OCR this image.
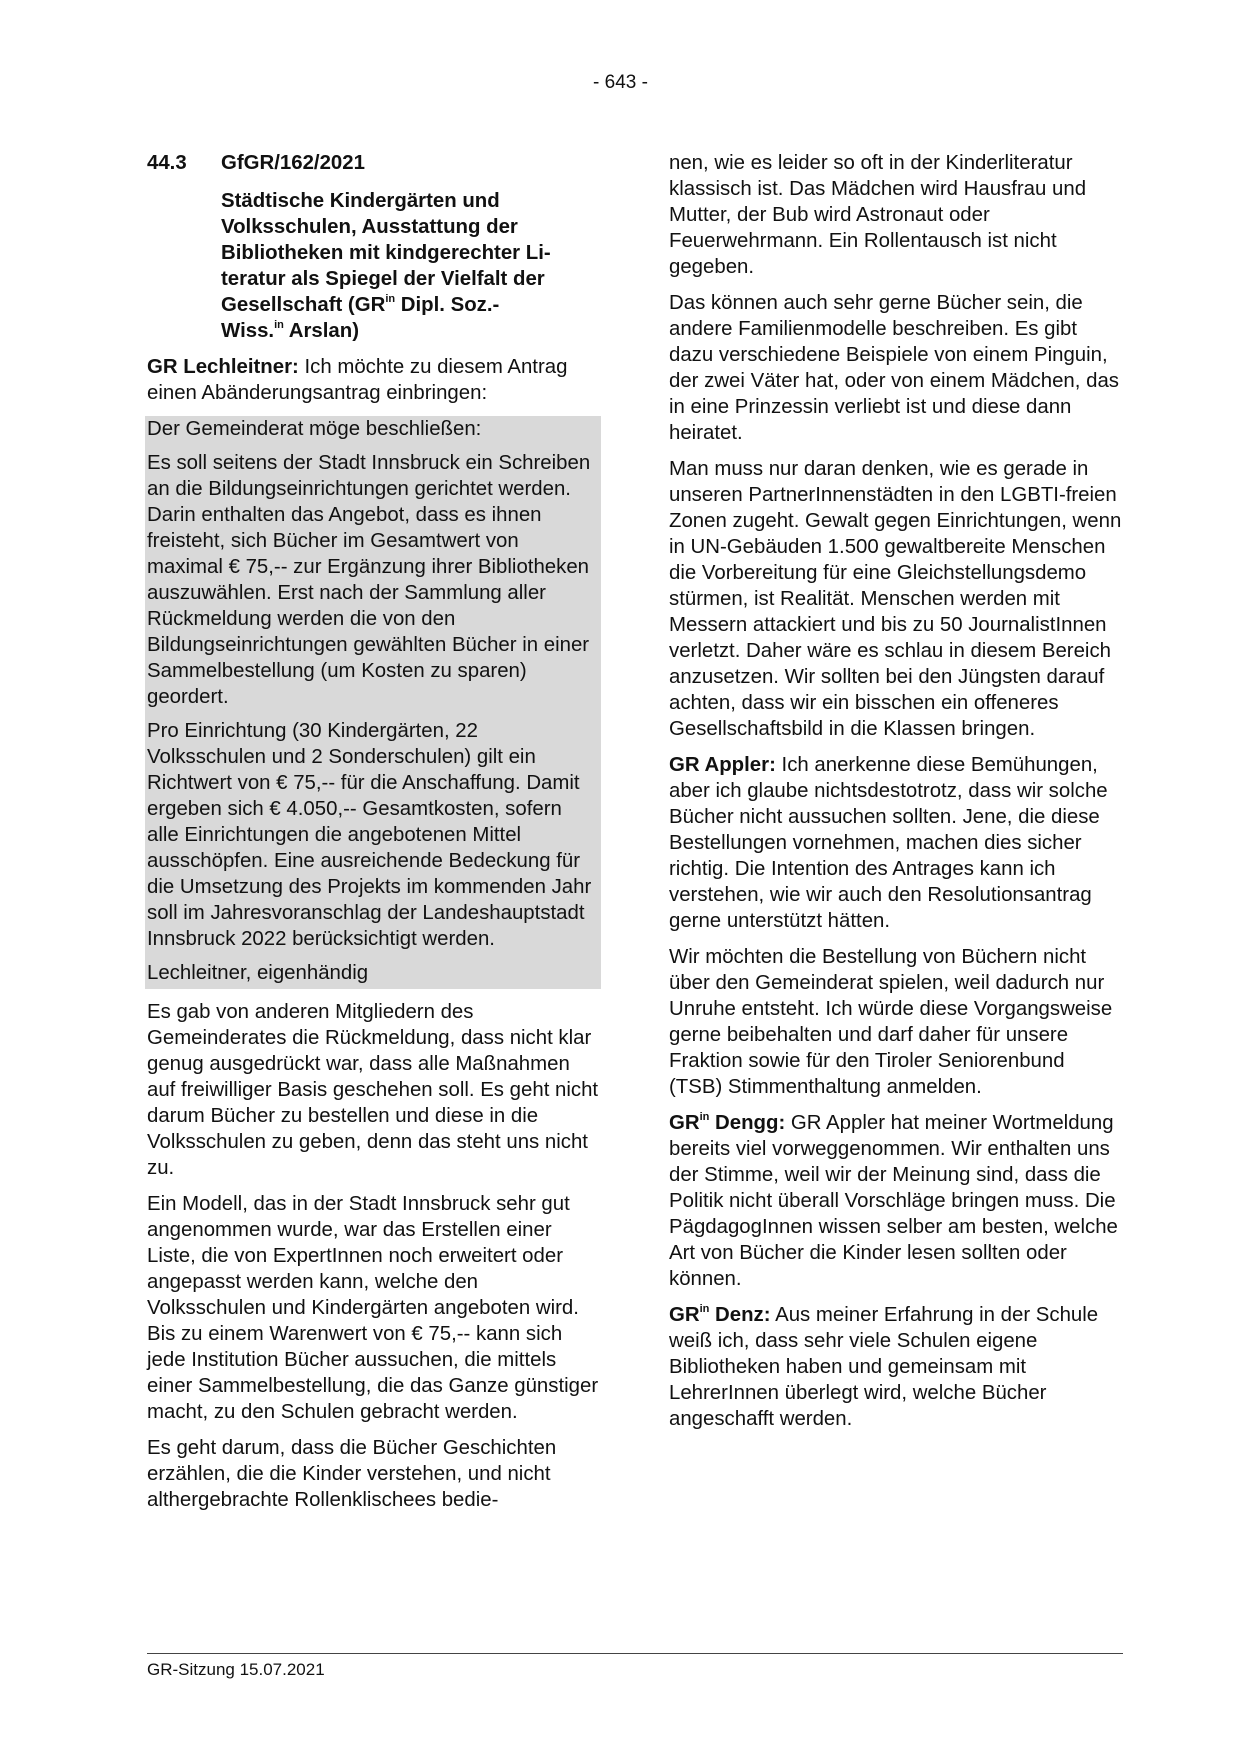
- 643 -
44.3	GfGR/162/2021
Städtische Kindergärten und
Volksschulen, Ausstattung der
Bibliotheken mit kindgerechter Li-
teratur als Spiegel der Vielfalt der
Gesellschaft ($GR^{in}$ Dipl. Soz.-
Wiss.$^{in}$ Arslan)

GR Lechleitner: Ich möchte zu diesem Antrag einen Abänderungsantrag einbringen:

Der Gemeinderat möge beschließen:

Es soll seitens der Stadt Innsbruck ein Schreiben an die Bildungseinrichtungen gerichtet werden. Darin enthalten das Angebot, dass es ihnen freisteht, sich Bücher im Gesamtwert von maximal € 75,-- zur Ergänzung ihrer Bibliotheken auszuwählen. Erst nach der Sammlung aller Rückmeldung werden die von den Bildungseinrichtungen gewählten Bücher in einer Sammelbestellung (um Kosten zu sparen) geordert.

Pro Einrichtung (30 Kindergärten, 22 Volksschulen und 2 Sonderschulen) gilt ein Richtwert von € 75,-- für die Anschaffung. Damit ergeben sich € 4.050,-- Gesamtkosten, sofern alle Einrichtungen die angebotenen Mittel ausschöpfen. Eine ausreichende Bedeckung für die Umsetzung des Projekts im kommenden Jahr soll im Jahresvoranschlag der Landeshauptstadt Innsbruck 2022 berücksichtigt werden.

Lechleitner, eigenhändig

Es gab von anderen Mitgliedern des Gemeinderates die Rückmeldung, dass nicht klar genug ausgedrückt war, dass alle Maßnahmen auf freiwilliger Basis geschehen soll. Es geht nicht darum Bücher zu bestellen und diese in die Volksschulen zu geben, denn das steht uns nicht zu.

Ein Modell, das in der Stadt Innsbruck sehr gut angenommen wurde, war das Erstellen einer Liste, die von ExpertInnen noch erweitert oder angepasst werden kann, welche den Volksschulen und Kindergärten angeboten wird. Bis zu einem Warenwert von € 75,-- kann sich jede Institution Bücher aussuchen, die mittels einer Sammelbestellung, die das Ganze günstiger macht, zu den Schulen gebracht werden.

Es geht darum, dass die Bücher Geschichten erzählen, die die Kinder verstehen, und nicht althergebrachte Rollenklischees bedie-

nen, wie es leider so oft in der Kinderliteratur klassisch ist. Das Mädchen wird Hausfrau und Mutter, der Bub wird Astronaut oder Feuerwehrmann. Ein Rollentausch ist nicht gegeben.

Das können auch sehr gerne Bücher sein, die andere Familienmodelle beschreiben. Es gibt dazu verschiedene Beispiele von einem Pinguin, der zwei Väter hat, oder von einem Mädchen, das in eine Prinzessin verliebt ist und diese dann heiratet.

Man muss nur daran denken, wie es gerade in unseren PartnerInnenstädten in den LGBTI-freien Zonen zugeht. Gewalt gegen Einrichtungen, wenn in UN-Gebäuden 1.500 gewaltbereite Menschen die Vorbereitung für eine Gleichstellungsdemo stürmen, ist Realität. Menschen werden mit Messern attackiert und bis zu 50 JournalistInnen verletzt. Daher wäre es schlau in diesem Bereich anzusetzen. Wir sollten bei den Jüngsten darauf achten, dass wir ein bisschen ein offeneres Gesellschaftsbild in die Klassen bringen.

GR Appler: Ich anerkenne diese Bemühungen, aber ich glaube nichtsdestotrotz, dass wir solche Bücher nicht aussuchen sollten. Jene, die diese Bestellungen vornehmen, machen dies sicher richtig. Die Intention des Antrages kann ich verstehen, wie wir auch den Resolutionsantrag gerne unterstützt hätten.

Wir möchten die Bestellung von Büchern nicht über den Gemeinderat spielen, weil dadurch nur Unruhe entsteht. Ich würde diese Vorgangsweise gerne beibehalten und darf daher für unsere Fraktion sowie für den Tiroler Seniorenbund (TSB) Stimmenthaltung anmelden.

$GR^{in}$ Dengg: GR Appler hat meiner Wortmeldung bereits viel vorweggenommen. Wir enthalten uns der Stimme, weil wir der Meinung sind, dass die Politik nicht überall Vorschläge bringen muss. Die PägdagogInnen wissen selber am besten, welche Art von Bücher die Kinder lesen sollten oder können.

$GR^{in}$ Denz: Aus meiner Erfahrung in der Schule weiß ich, dass sehr viele Schulen eigene Bibliotheken haben und gemeinsam mit LehrerInnen überlegt wird, welche Bücher angeschafft werden.

GR-Sitzung 15.07.2021
